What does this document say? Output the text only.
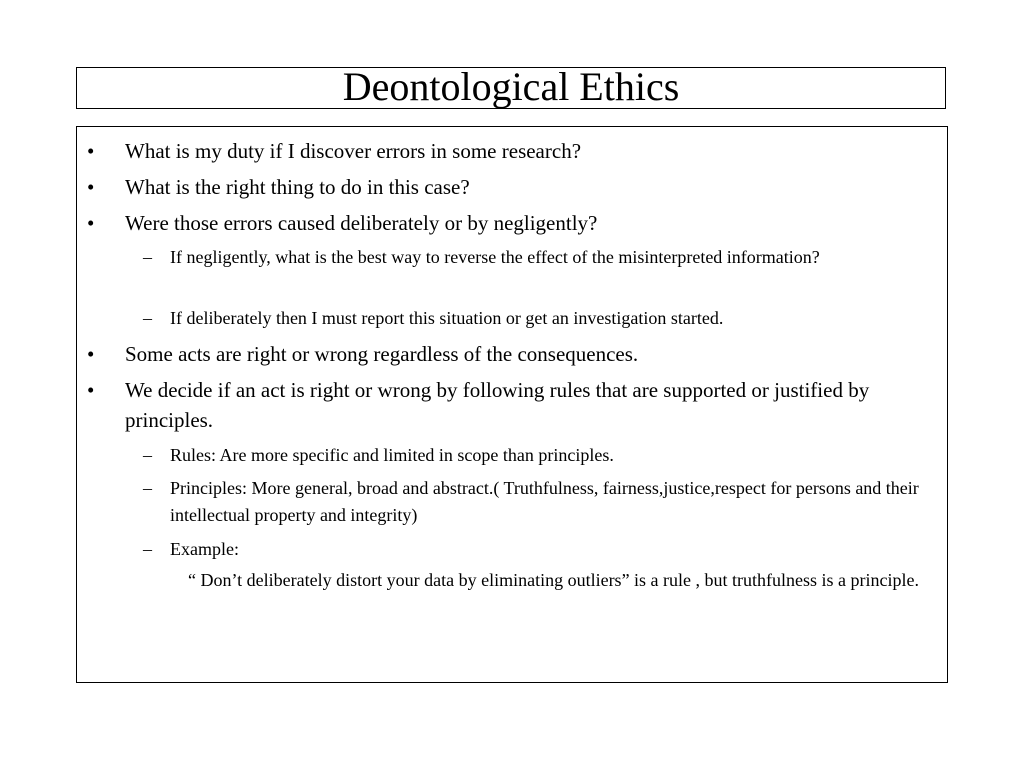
Deontological Ethics
• What is my duty if I discover errors in some research?
• What is the right thing to do in this case?
• Were those errors caused deliberately or by negligently?
– If negligently, what is the best way to reverse the effect of the misinterpreted information?
– If deliberately then I must report this situation or get an investigation started.
• Some acts are right or wrong regardless of the consequences.
• We decide if an act is right or wrong by following rules that are supported or justified by principles.
– Rules: Are more specific and limited in scope than principles.
– Principles: More general, broad and abstract.( Truthfulness, fairness,justice,respect for persons and their intellectual property and integrity)
– Example:
“ Don’t deliberately distort your data by eliminating outliers” is a rule , but truthfulness is a principle.
